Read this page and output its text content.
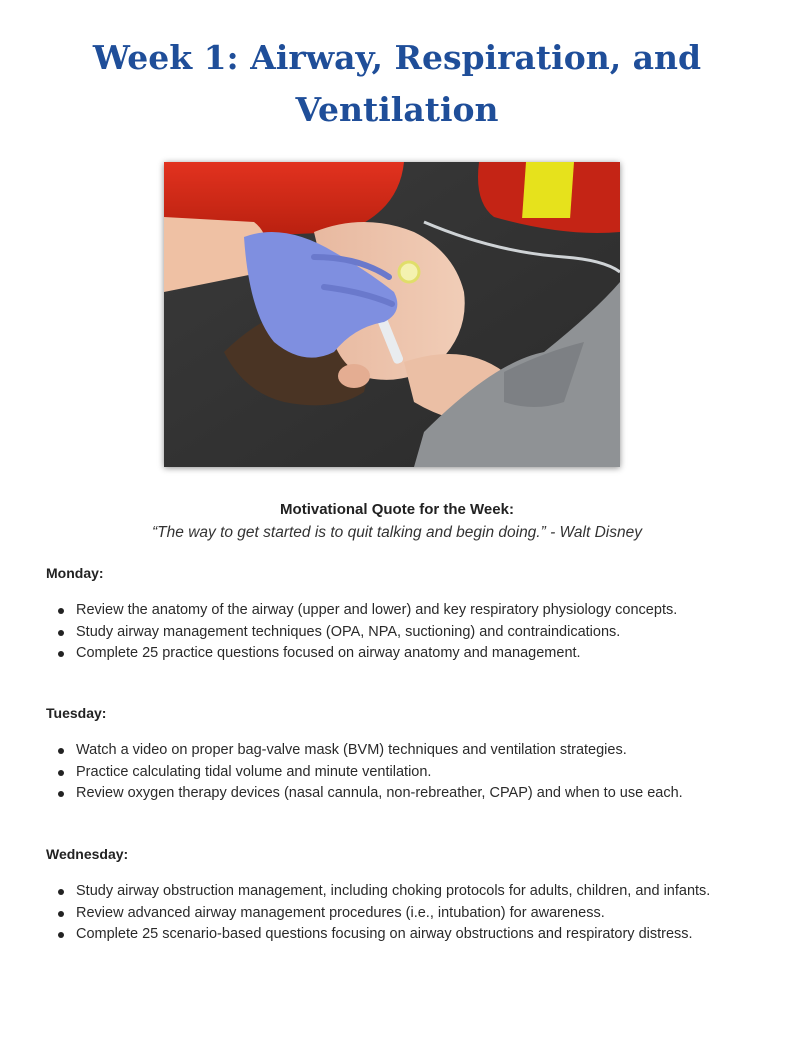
Week 1: Airway, Respiration, and Ventilation
Motivational Quote for the Week:
“The way to get started is to quit talking and begin doing.” - Walt Disney
Monday:
Review the anatomy of the airway (upper and lower) and key respiratory physiology concepts.
Study airway management techniques (OPA, NPA, suctioning) and contraindications.
Complete 25 practice questions focused on airway anatomy and management.
Tuesday:
Watch a video on proper bag-valve mask (BVM) techniques and ventilation strategies.
Practice calculating tidal volume and minute ventilation.
Review oxygen therapy devices (nasal cannula, non-rebreather, CPAP) and when to use each.
Wednesday:
Study airway obstruction management, including choking protocols for adults, children, and infants.
Review advanced airway management procedures (i.e., intubation) for awareness.
Complete 25 scenario-based questions focusing on airway obstructions and respiratory distress.
